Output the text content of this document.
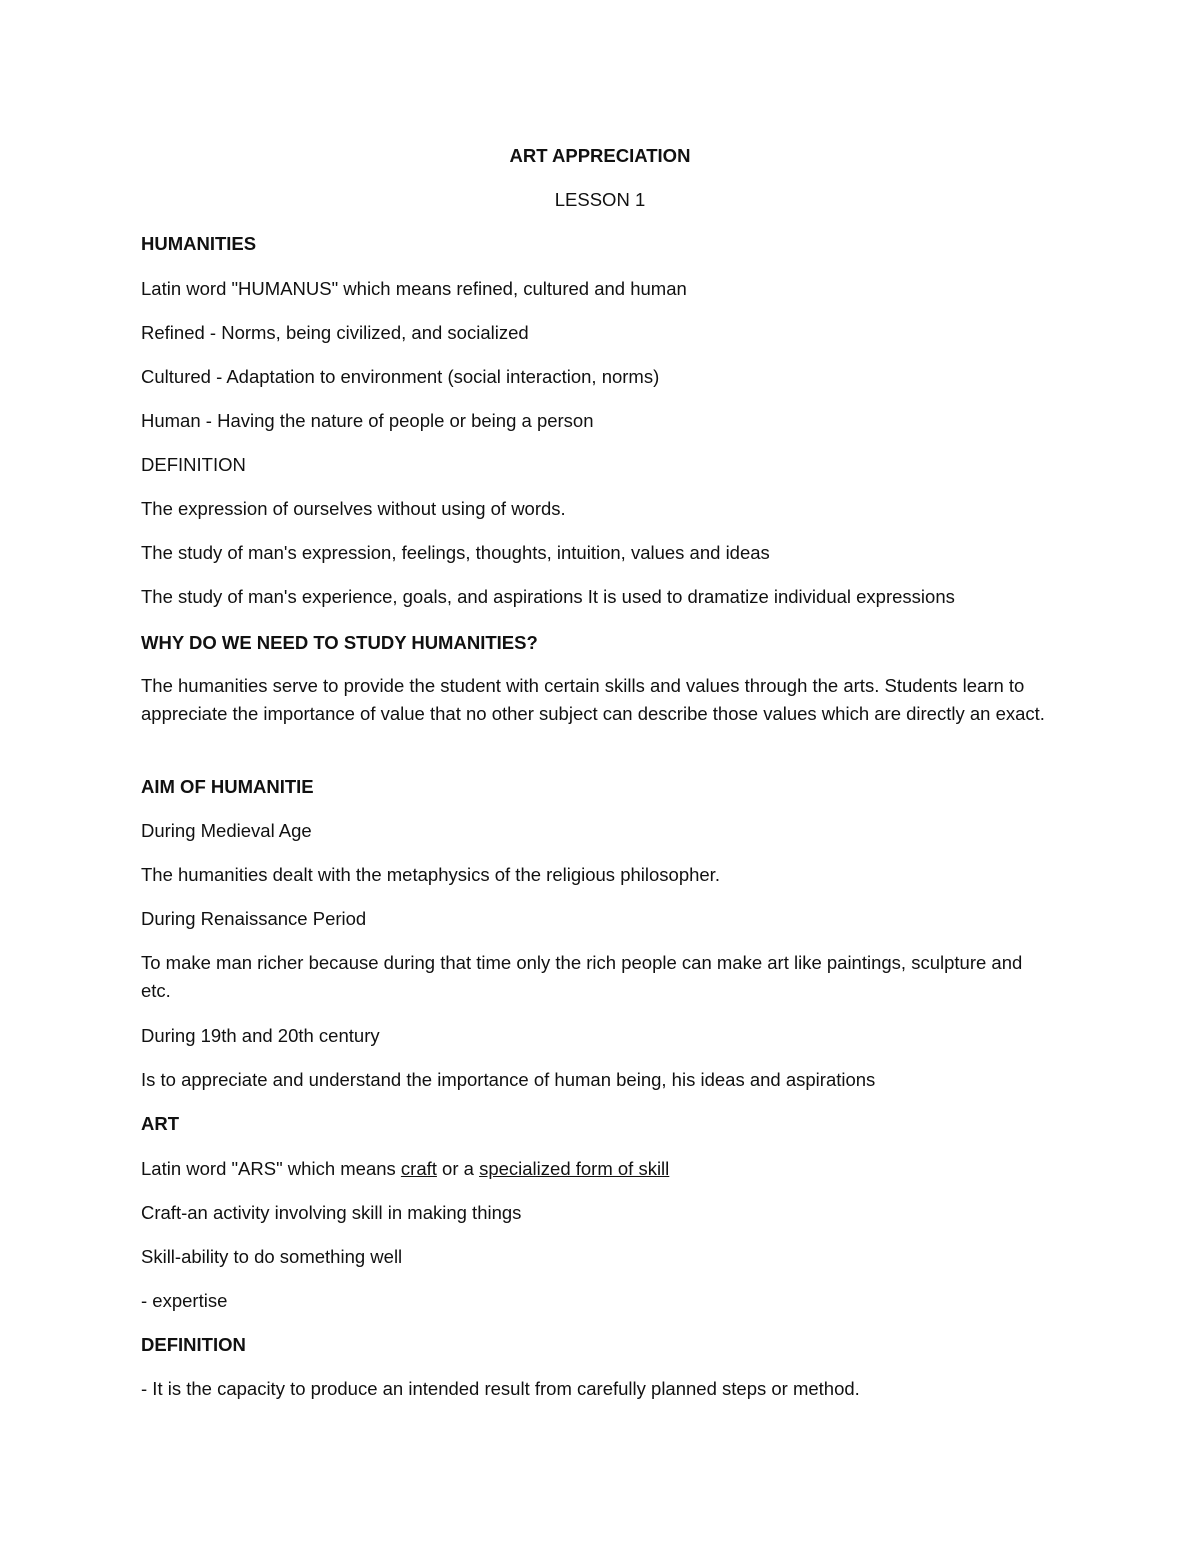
ART APPRECIATION
LESSON 1
HUMANITIES
Latin word "HUMANUS" which means refined, cultured and human
Refined - Norms, being civilized, and socialized
Cultured - Adaptation to environment (social interaction, norms)
Human - Having the nature of people or being a person
DEFINITION
The expression of ourselves without using of words.
The study of man's expression, feelings, thoughts, intuition, values and ideas
The study of man's experience, goals, and aspirations It is used to dramatize individual expressions
WHY DO WE NEED TO STUDY HUMANITIES?
The humanities serve to provide the student with certain skills and values through the arts. Students learn to appreciate the importance of value that no other subject can describe those values which are directly an exact.
AIM OF HUMANITIE
During Medieval Age
The humanities dealt with the metaphysics of the religious philosopher.
During Renaissance Period
To make man richer because during that time only the rich people can make art like paintings, sculpture and etc.
During 19th and 20th century
Is to appreciate and understand the importance of human being, his ideas and aspirations
ART
Latin word "ARS" which means craft or a specialized form of skill
Craft-an activity involving skill in making things
Skill-ability to do something well
- expertise
DEFINITION
- It is the capacity to produce an intended result from carefully planned steps or method.
